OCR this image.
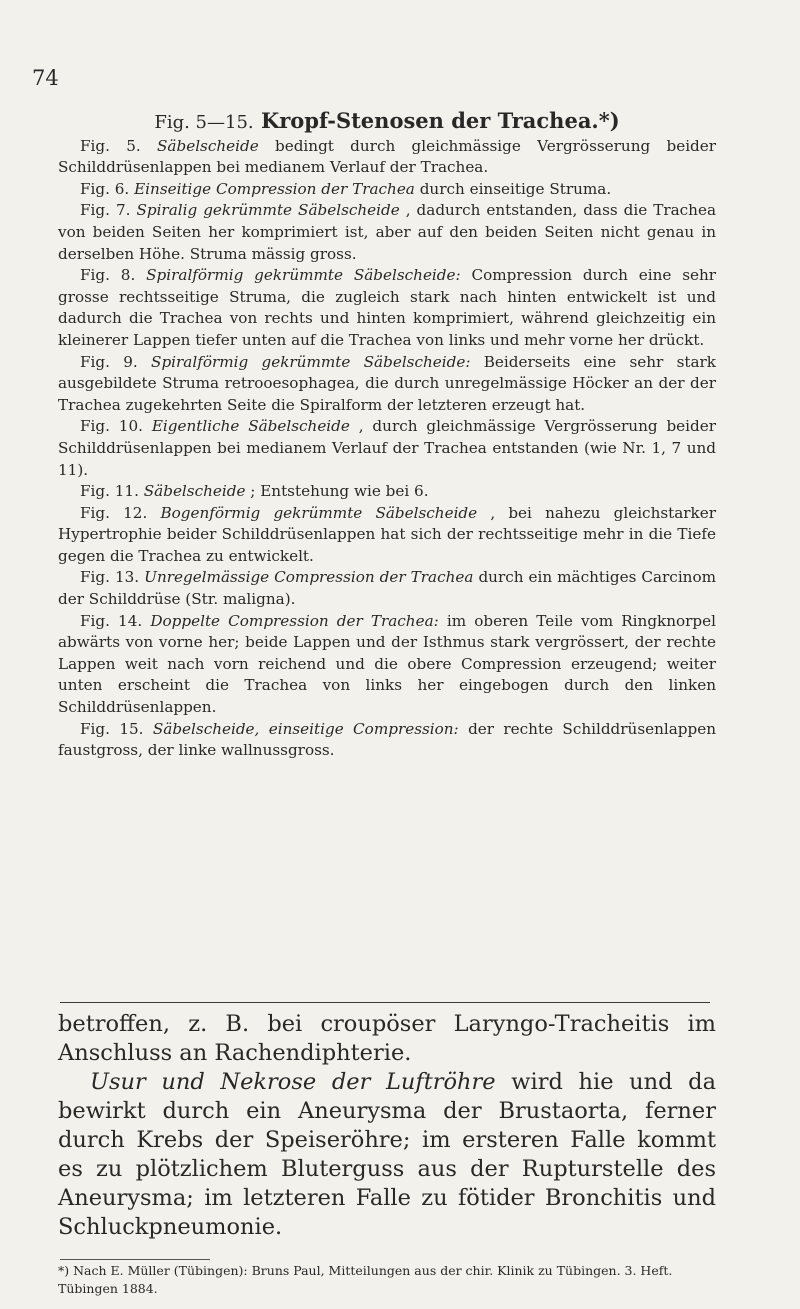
74
Fig. 5—15. Kropf-Stenosen der Trachea.*)

Fig. 5. Säbelscheide bedingt durch gleichmässige Vergrösserung beider Schilddrüsenlappen bei medianem Verlauf der Trachea.

Fig. 6. Einseitige Compression der Trachea durch einseitige Struma.

Fig. 7. Spiralig gekrümmte Säbelscheide , dadurch entstanden, dass die Trachea von beiden Seiten her komprimiert ist, aber auf den beiden Seiten nicht genau in derselben Höhe. Struma mässig gross.

Fig. 8. Spiralförmig gekrümmte Säbelscheide: Compression durch eine sehr grosse rechtsseitige Struma, die zugleich stark nach hinten entwickelt ist und dadurch die Trachea von rechts und hinten komprimiert, während gleichzeitig ein kleinerer Lappen tiefer unten auf die Trachea von links und mehr vorne her drückt.

Fig. 9. Spiralförmig gekrümmte Säbelscheide: Beiderseits eine sehr stark ausgebildete Struma retrooesophagea, die durch unregelmässige Höcker an der der Trachea zugekehrten Seite die Spiralform der letzteren erzeugt hat.

Fig. 10. Eigentliche Säbelscheide , durch gleichmässige Vergrösserung beider Schilddrüsenlappen bei medianem Verlauf der Trachea entstanden (wie Nr. 1, 7 und 11).

Fig. 11. Säbelscheide ; Entstehung wie bei 6.

Fig. 12. Bogenförmig gekrümmte Säbelscheide , bei nahezu gleichstarker Hypertrophie beider Schilddrüsenlappen hat sich der rechtsseitige mehr in die Tiefe gegen die Trachea zu entwickelt.

Fig. 13. Unregelmässige Compression der Trachea durch ein mächtiges Carcinom der Schilddrüse (Str. maligna).

Fig. 14. Doppelte Compression der Trachea: im oberen Teile vom Ringknorpel abwärts von vorne her; beide Lappen und der Isthmus stark vergrössert, der rechte Lappen weit nach vorn reichend und die obere Compression erzeugend; weiter unten erscheint die Trachea von links her eingebogen durch den linken Schilddrüsenlappen.

Fig. 15. Säbelscheide, einseitige Compression: der rechte Schilddrüsenlappen faustgross, der linke wallnussgross.

betroffen, z. B. bei croupöser Laryngo-Tracheitis im Anschluss an Rachendiphterie.

Usur und Nekrose der Luftröhre wird hie und da bewirkt durch ein Aneurysma der Brustaorta, ferner durch Krebs der Speiseröhre; im ersteren Falle kommt es zu plötzlichem Bluterguss aus der Rupturstelle des Aneurysma; im letzteren Falle zu fötider Bronchitis und Schluckpneumonie.

*) Nach E. Müller (Tübingen): Bruns Paul, Mitteilungen aus der chir. Klinik zu Tübingen. 3. Heft. Tübingen 1884.
